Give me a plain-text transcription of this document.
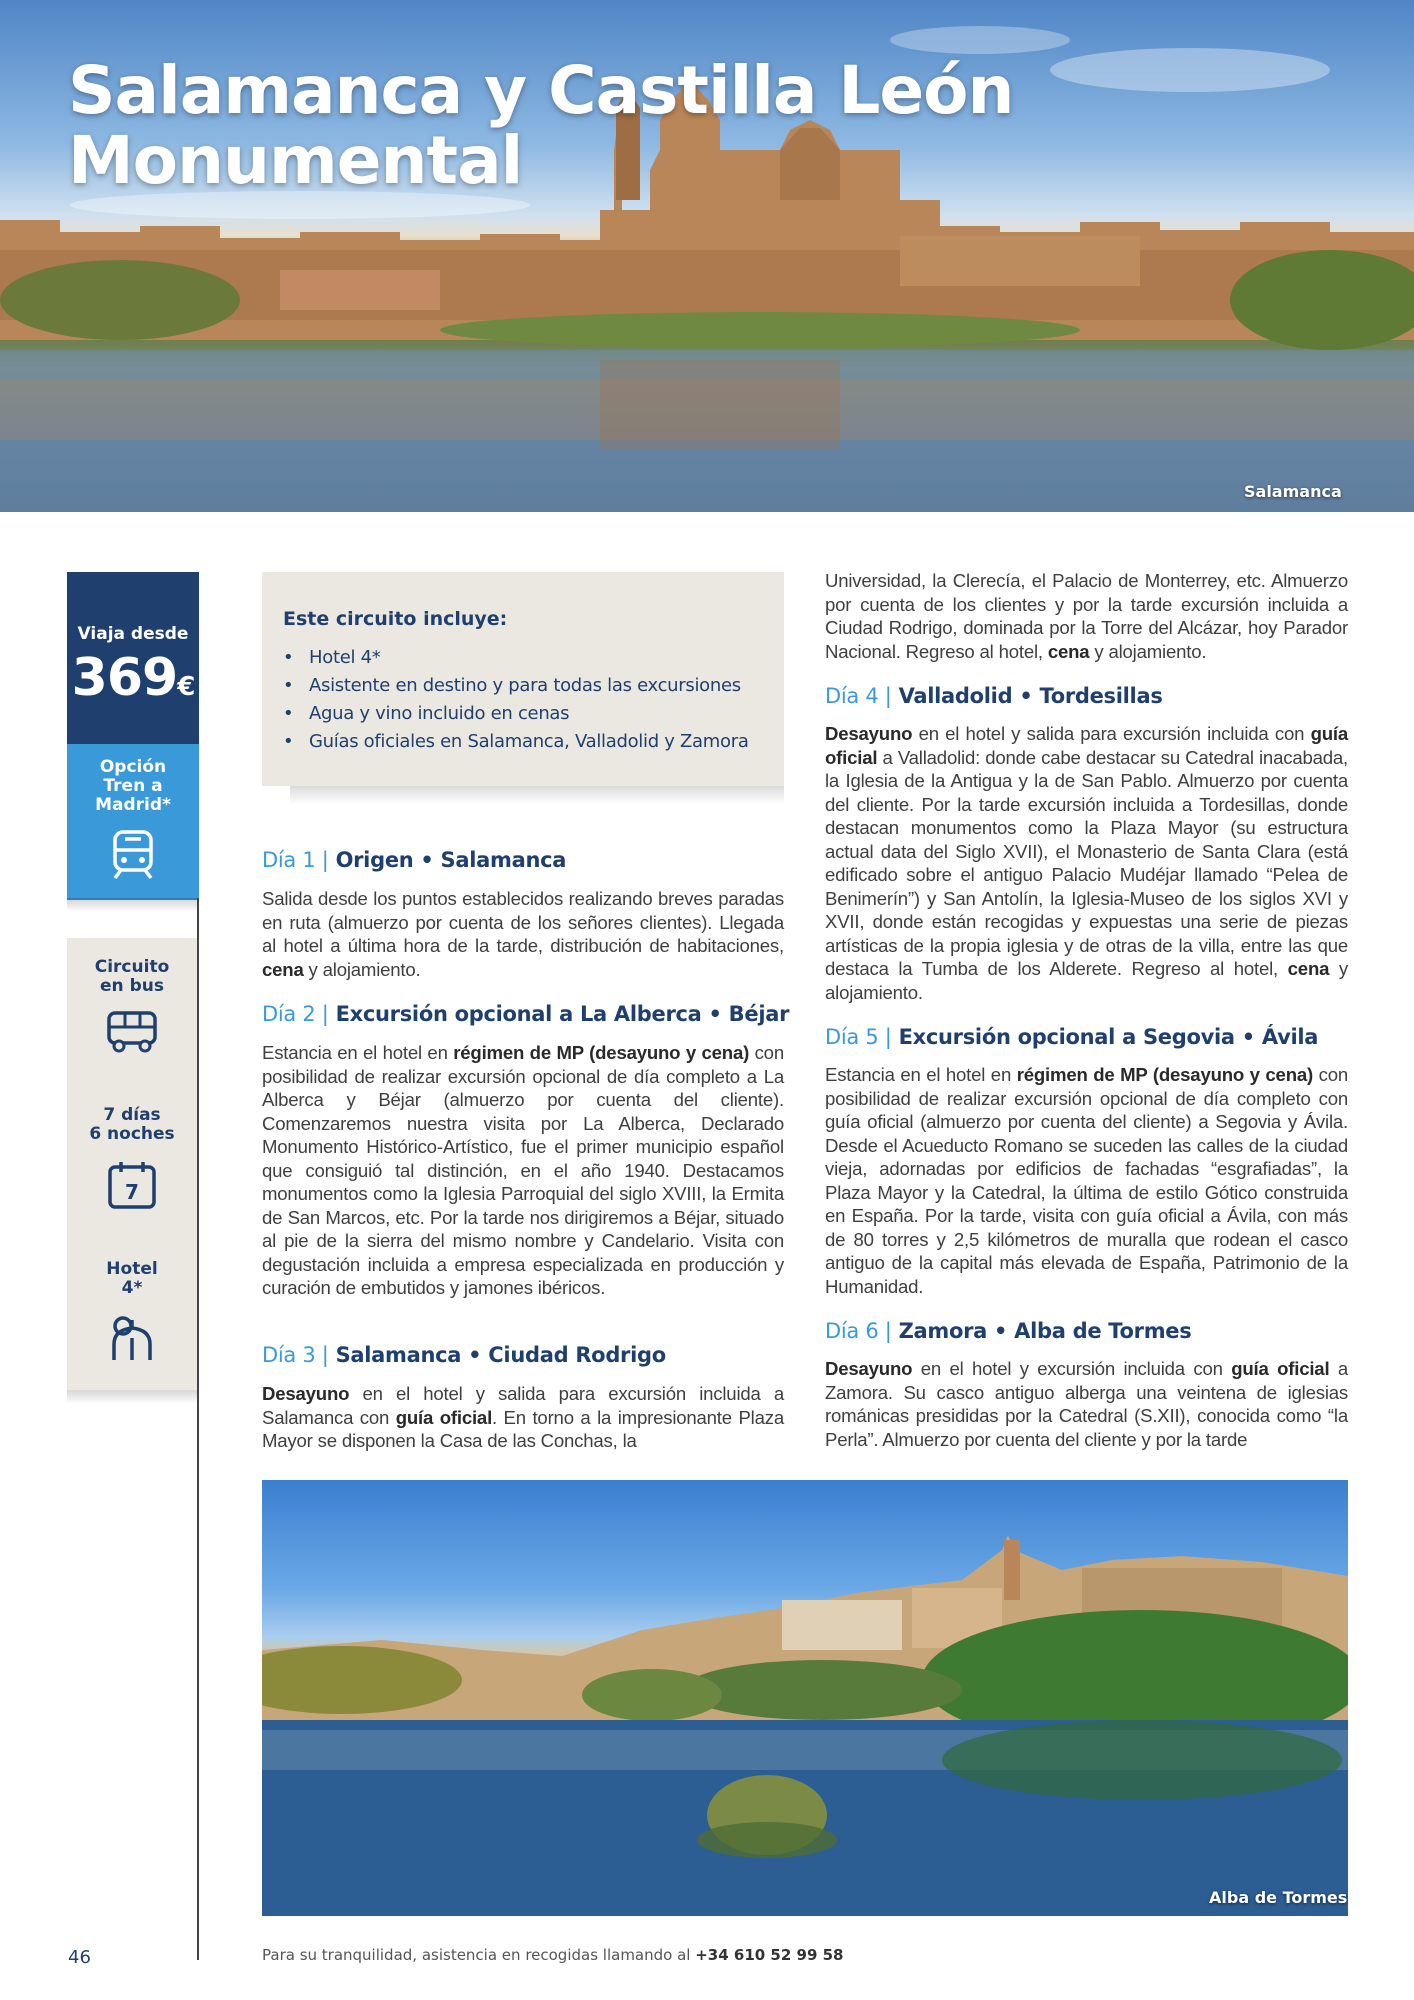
Salamanca y Castilla León
Monumental
Salamanca
Viaja desde
369€
Opción
Tren a
Madrid*
Circuito
en bus
7 días
6 noches
7
Hotel
4*
Este circuito incluye:
• Hotel 4*
• Asistente en destino y para todas las excursiones
• Agua y vino incluido en cenas
• Guías oficiales en Salamanca, Valladolid y Zamora
Día 1 | Origen • Salamanca

Salida desde los puntos establecidos realizando breves paradas en ruta (almuerzo por cuenta de los señores clientes). Llegada al hotel a última hora de la tarde, distribución de habitaciones, cena y alojamiento.

Día 2 | Excursión opcional a La Alberca • Béjar

Estancia en el hotel en régimen de MP (desayuno y cena) con posibilidad de realizar excursión opcional de día completo a La Alberca y Béjar (almuerzo por cuenta del cliente). Comenzaremos nuestra visita por La Alberca, Declarado Monumento Histórico-Artístico, fue el primer municipio español que consiguió tal distinción, en el año 1940. Destacamos monumentos como la Iglesia Parroquial del siglo XVIII, la Ermita de San Marcos, etc. Por la tarde nos dirigiremos a Béjar, situado al pie de la sierra del mismo nombre y Candelario. Visita con degustación incluida a empresa especializada en producción y curación de embutidos y jamones ibéricos.

Día 3 | Salamanca • Ciudad Rodrigo

Desayuno en el hotel y salida para excursión incluida a Salamanca con guía oficial. En torno a la impresionante Plaza Mayor se disponen la Casa de las Conchas, la

Universidad, la Clerecía, el Palacio de Monterrey, etc. Almuerzo por cuenta de los clientes y por la tarde excursión incluida a Ciudad Rodrigo, dominada por la Torre del Alcázar, hoy Parador Nacional. Regreso al hotel, cena y alojamiento.

Día 4 | Valladolid • Tordesillas

Desayuno en el hotel y salida para excursión incluida con guía oficial a Valladolid: donde cabe destacar su Catedral inacabada, la Iglesia de la Antigua y la de San Pablo. Almuerzo por cuenta del cliente. Por la tarde excursión incluida a Tordesillas, donde destacan monumentos como la Plaza Mayor (su estructura actual data del Siglo XVII), el Monasterio de Santa Clara (está edificado sobre el antiguo Palacio Mudéjar llamado “Pelea de Benimerín”) y San Antolín, la Iglesia-Museo de los siglos XVI y XVII, donde están recogidas y expuestas una serie de piezas artísticas de la propia iglesia y de otras de la villa, entre las que destaca la Tumba de los Alderete. Regreso al hotel, cena y alojamiento.

Día 5 | Excursión opcional a Segovia • Ávila

Estancia en el hotel en régimen de MP (desayuno y cena) con posibilidad de realizar excursión opcional de día completo con guía oficial (almuerzo por cuenta del cliente) a Segovia y Ávila. Desde el Acueducto Romano se suceden las calles de la ciudad vieja, adornadas por edificios de fachadas “esgrafiadas”, la Plaza Mayor y la Catedral, la última de estilo Gótico construida en España. Por la tarde, visita con guía oficial a Ávila, con más de 80 torres y 2,5 kilómetros de muralla que rodean el casco antiguo de la capital más elevada de España, Patrimonio de la Humanidad.

Día 6 | Zamora • Alba de Tormes

Desayuno en el hotel y excursión incluida con guía oficial a Zamora. Su casco antiguo alberga una veintena de iglesias románicas presididas por la Catedral (S.XII), conocida como “la Perla”. Almuerzo por cuenta del cliente y por la tarde

Alba de Tormes
46	Para su tranquilidad, asistencia en recogidas llamando al +34 610 52 99 58
